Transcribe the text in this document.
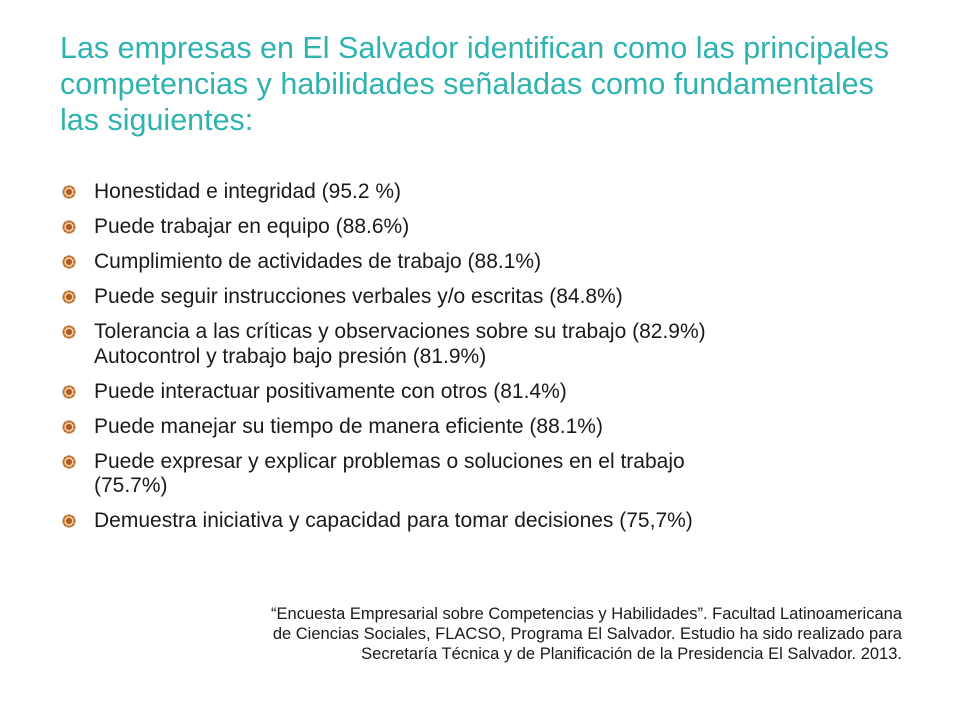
Las empresas en El Salvador identifican como las principales competencias y habilidades señaladas como fundamentales las siguientes:
Honestidad e integridad (95.2 %)
Puede trabajar en equipo (88.6%)
Cumplimiento de actividades de trabajo (88.1%)
Puede seguir instrucciones verbales y/o escritas (84.8%)
Tolerancia a las críticas y observaciones sobre su trabajo (82.9%)
Autocontrol y trabajo bajo presión (81.9%)
Puede interactuar positivamente con otros (81.4%)
Puede manejar su tiempo de manera eficiente (88.1%)
Puede expresar y explicar problemas o soluciones en el trabajo
(75.7%)
Demuestra iniciativa y capacidad para tomar decisiones (75,7%)
“Encuesta Empresarial sobre Competencias y Habilidades”. Facultad Latinoamericana
de Ciencias Sociales, FLACSO, Programa El Salvador. Estudio ha sido realizado para
Secretaría Técnica y de Planificación de la Presidencia El Salvador. 2013.
